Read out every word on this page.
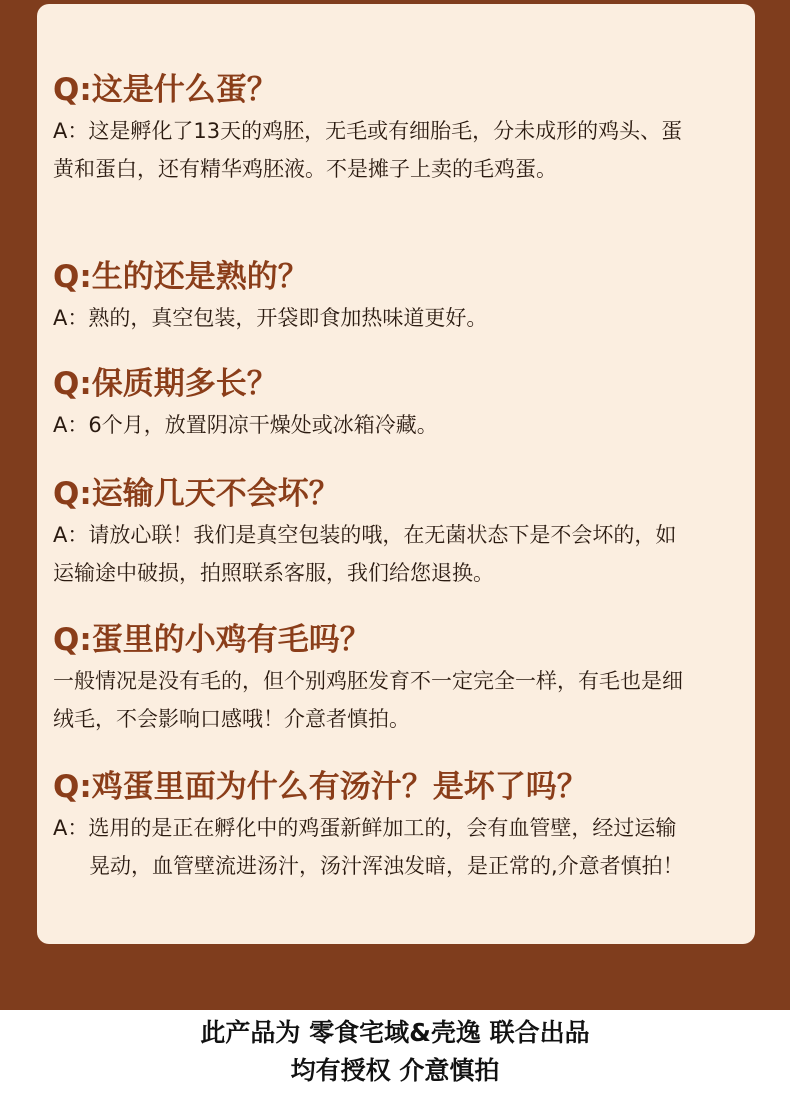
Q:这是什么蛋？
A：这是孵化了13天的鸡胚，无毛或有细胎毛，分未成形的鸡头、蛋黄和蛋白，还有精华鸡胚液。不是摊子上卖的毛鸡蛋。
Q:生的还是熟的？
A：熟的，真空包装，开袋即食加热味道更好。
Q:保质期多长？
A：6个月，放置阴凉干燥处或冰箱冷藏。
Q:运输几天不会坏？
A：请放心联！我们是真空包装的哦，在无菌状态下是不会坏的，如运输途中破损，拍照联系客服，我们给您退换。
Q:蛋里的小鸡有毛吗？
一般情况是没有毛的，但个别鸡胚发育不一定完全一样，有毛也是细绒毛，不会影响口感哦！介意者慎拍。
Q:鸡蛋里面为什么有汤汁？是坏了吗？
A：选用的是正在孵化中的鸡蛋新鲜加工的，会有血管壁，经过运输晃动，血管壁流进汤汁，汤汁浑浊发暗，是正常的,介意者慎拍！
此产品为 零食宅域&壳逸 联合出品
均有授权 介意慎拍
